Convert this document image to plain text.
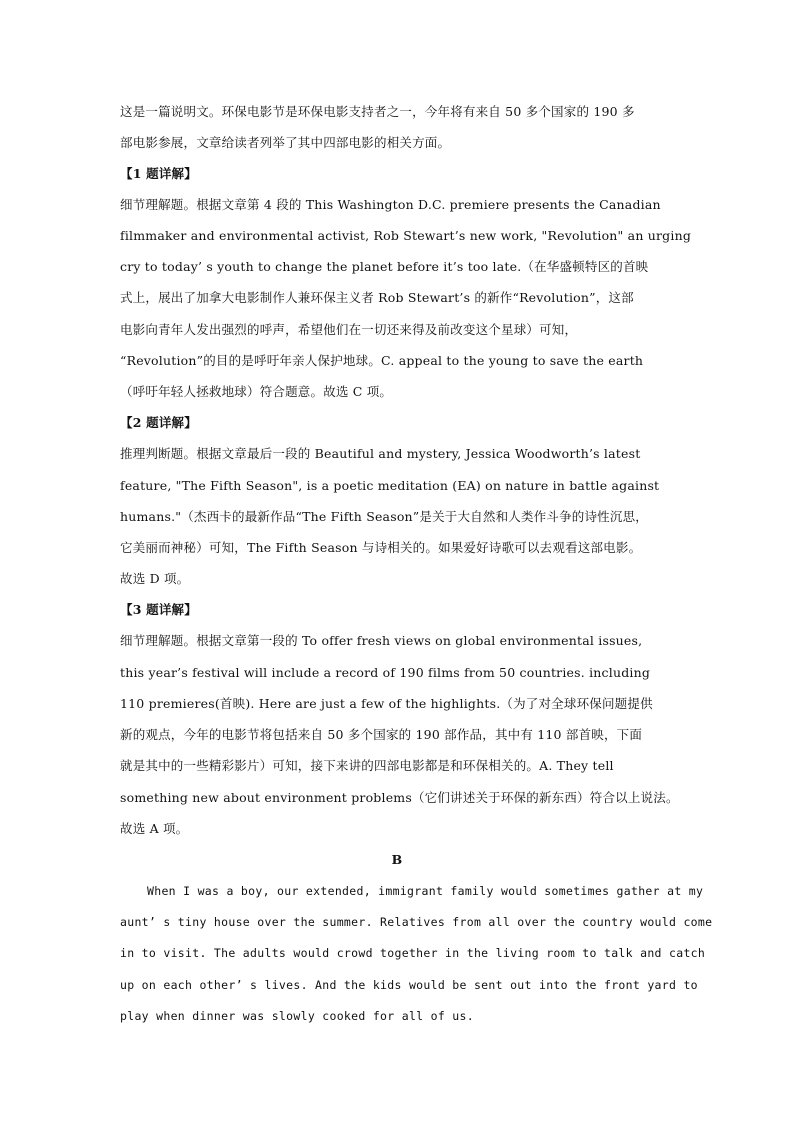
这是一篇说明文。环保电影节是环保电影支持者之一，今年将有来自 50 多个国家的 190 多
部电影参展，文章给读者列举了其中四部电影的相关方面。
【1 题详解】
细节理解题。根据文章第 4 段的 This Washington D.C. premiere presents the Canadian
filmmaker and environmental activist, Rob Stewart’s new work, "Revolution" an urging
cry to today’ s youth to change the planet before it’s too late.（在华盛顿特区的首映
式上，展出了加拿大电影制作人兼环保主义者 Rob Stewart’s 的新作“Revolution”，这部
电影向青年人发出强烈的呼声，希望他们在一切还来得及前改变这个星球）可知，
“Revolution”的目的是呼吁年亲人保护地球。C. appeal to the young to save the earth
（呼吁年轻人拯救地球）符合题意。故选 C 项。
【2 题详解】
推理判断题。根据文章最后一段的 Beautiful and mystery, Jessica Woodworth’s latest
feature, "The Fifth Season", is a poetic meditation (EA) on nature in battle against
humans."（杰西卡的最新作品“The Fifth Season”是关于大自然和人类作斗争的诗性沉思，
它美丽而神秘）可知，The Fifth Season 与诗相关的。如果爱好诗歌可以去观看这部电影。
故选 D 项。
【3 题详解】
细节理解题。根据文章第一段的 To offer fresh views on global environmental issues,
this year’s festival will include a record of 190 films from 50 countries. including
110 premieres(首映). Here are just a few of the highlights.（为了对全球环保问题提供
新的观点，今年的电影节将包括来自 50 多个国家的 190 部作品，其中有 110 部首映，下面
就是其中的一些精彩影片）可知，接下来讲的四部电影都是和环保相关的。A. They tell
something new about environment problems（它们讲述关于环保的新东西）符合以上说法。
故选 A 项。
B
When I was a boy, our extended, immigrant family would sometimes gather at my
aunt’ s tiny house over the summer. Relatives from all over the country would come
in to visit. The adults would crowd together in the living room to talk and catch
up on each other’ s lives. And the kids would be sent out into the front yard to
play when dinner was slowly cooked for all of us.
